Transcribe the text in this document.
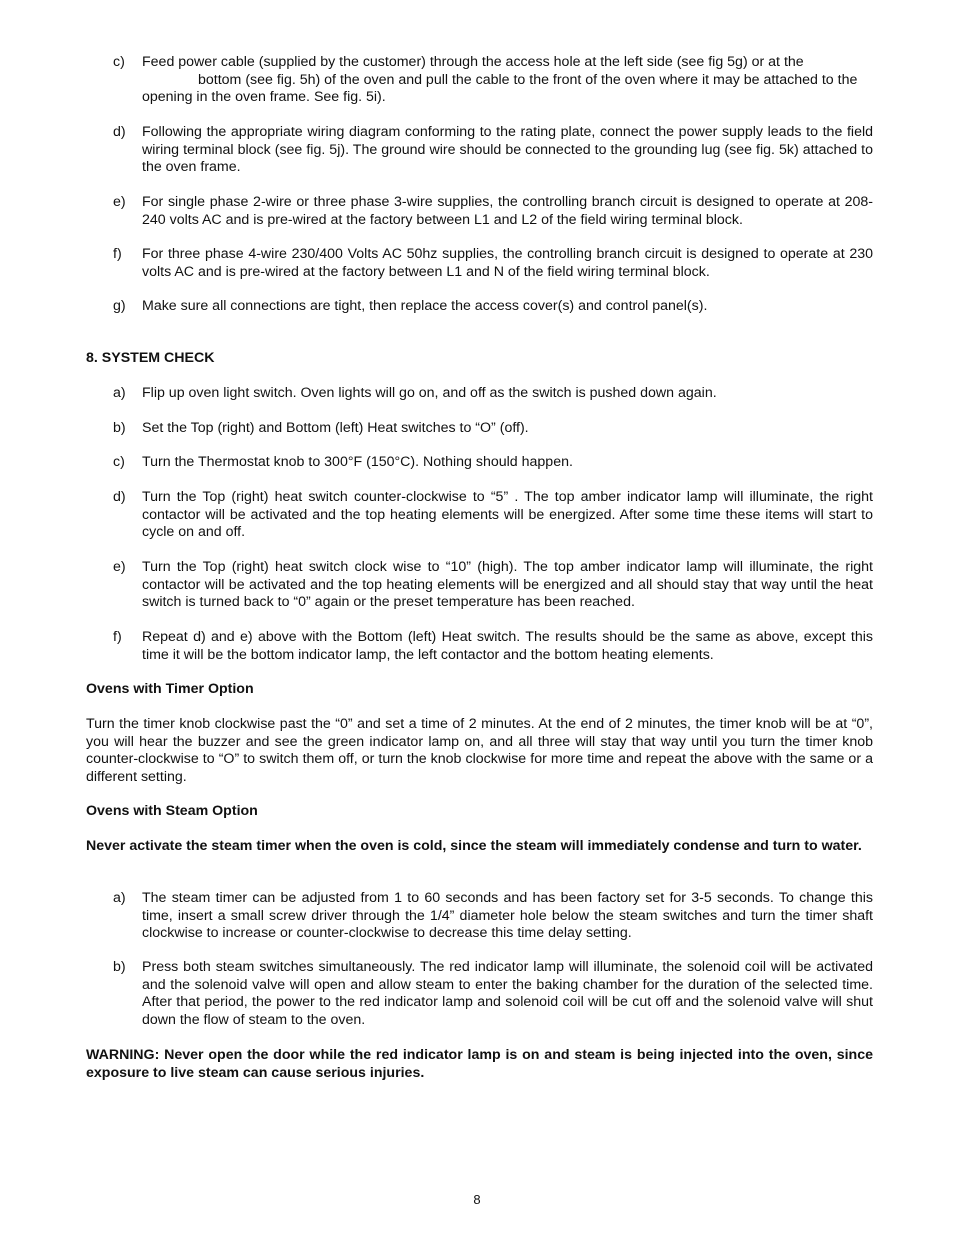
c) Feed power cable (supplied by the customer) through the access hole at the left side (see fig 5g) or at the
bottom (see fig. 5h) of the oven and pull the cable to the front of the oven where it may be attached to the
opening in the oven frame. See fig. 5i).
d) Following the appropriate wiring diagram conforming to the rating plate, connect the power supply leads to the field wiring terminal block (see fig. 5j). The ground wire should be connected to the grounding lug (see fig. 5k) attached to the oven frame.
e) For single phase 2-wire or three phase 3-wire supplies, the controlling branch circuit is designed to operate at 208-240 volts AC and is pre-wired at the factory between L1 and L2 of the field wiring terminal block.
f) For three phase 4-wire 230/400 Volts AC 50hz supplies, the controlling branch circuit is designed to operate at 230 volts AC and is pre-wired at the factory between L1 and N of the field wiring terminal block.
g) Make sure all connections are tight, then replace the access cover(s) and control panel(s).
8. SYSTEM CHECK
a) Flip up oven light switch. Oven lights will go on, and off as the switch is pushed down again.
b) Set the Top (right) and Bottom (left) Heat switches to “O” (off).
c) Turn the Thermostat knob to 300°F (150°C). Nothing should happen.
d) Turn the Top (right) heat switch counter-clockwise to “5” . The top amber indicator lamp will illuminate, the right contactor will be activated and the top heating elements will be energized. After some time these items will start to cycle on and off.
e) Turn the Top (right) heat switch clock wise to “10” (high). The top amber indicator lamp will illuminate, the right contactor will be activated and the top heating elements will be energized and all should stay that way until the heat switch is turned back to “0” again or the preset temperature has been reached.
f) Repeat d) and e) above with the Bottom (left) Heat switch. The results should be the same as above, except this time it will be the bottom indicator lamp, the left contactor and the bottom heating elements.
Ovens with Timer Option
Turn the timer knob clockwise past the “0” and set a time of 2 minutes. At the end of 2 minutes, the timer knob will be at “0”, you will hear the buzzer and see the green indicator lamp on, and all three will stay that way until you turn the timer knob counter-clockwise to “O” to switch them off, or turn the knob clockwise for more time and repeat the above with the same or a different setting.
Ovens with Steam Option
Never activate the steam timer when the oven is cold, since the steam will immediately condense and turn to water.
a) The steam timer can be adjusted from 1 to 60 seconds and has been factory set for 3-5 seconds. To change this time, insert a small screw driver through the 1/4” diameter hole below the steam switches and turn the timer shaft clockwise to increase or counter-clockwise to decrease this time delay setting.
b) Press both steam switches simultaneously. The red indicator lamp will illuminate, the solenoid coil will be activated and the solenoid valve will open and allow steam to enter the baking chamber for the duration of the selected time. After that period, the power to the red indicator lamp and solenoid coil will be cut off and the solenoid valve will shut down the flow of steam to the oven.
WARNING: Never open the door while the red indicator lamp is on and steam is being injected into the oven, since exposure to live steam can cause serious injuries.
8
